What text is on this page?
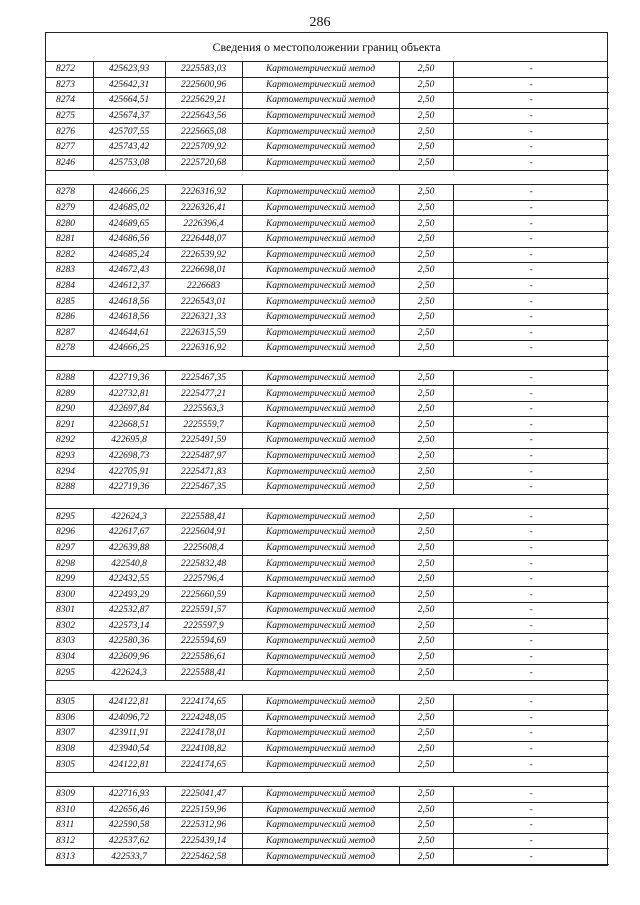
286
Сведения о местоположении границ объекта
8272	425623,93	2225583,03	Картометрический метод	2,50	-
8273	425642,31	2225600,96	Картометрический метод	2,50	-
8274	425664,51	2225629,21	Картометрический метод	2,50	-
8275	425674,37	2225643,56	Картометрический метод	2,50	-
8276	425707,55	2225665,08	Картометрический метод	2,50	-
8277	425743,42	2225709,92	Картометрический метод	2,50	-
8246	425753,08	2225720,68	Картометрический метод	2,50	-

8278	424666,25	2226316,92	Картометрический метод	2,50	-
8279	424685,02	2226326,41	Картометрический метод	2,50	-
8280	424689,65	2226396,4	Картометрический метод	2,50	-
8281	424686,56	2226448,07	Картометрический метод	2,50	-
8282	424685,24	2226539,92	Картометрический метод	2,50	-
8283	424672,43	2226698,01	Картометрический метод	2,50	-
8284	424612,37	2226683	Картометрический метод	2,50	-
8285	424618,56	2226543,01	Картометрический метод	2,50	-
8286	424618,56	2226321,33	Картометрический метод	2,50	-
8287	424644,61	2226315,59	Картометрический метод	2,50	-
8278	424666,25	2226316,92	Картометрический метод	2,50	-

8288	422719,36	2225467,35	Картометрический метод	2,50	-
8289	422732,81	2225477,21	Картометрический метод	2,50	-
8290	422697,84	2225563,3	Картометрический метод	2,50	-
8291	422668,51	2225559,7	Картометрический метод	2,50	-
8292	422695,8	2225491,59	Картометрический метод	2,50	-
8293	422698,73	2225487,97	Картометрический метод	2,50	-
8294	422705,91	2225471,83	Картометрический метод	2,50	-
8288	422719,36	2225467,35	Картометрический метод	2,50	-

8295	422624,3	2225588,41	Картометрический метод	2,50	-
8296	422617,67	2225604,91	Картометрический метод	2,50	-
8297	422639,88	2225608,4	Картометрический метод	2,50	-
8298	422540,8	2225832,48	Картометрический метод	2,50	-
8299	422432,55	2225796,4	Картометрический метод	2,50	-
8300	422493,29	2225660,59	Картометрический метод	2,50	-
8301	422532,87	2225591,57	Картометрический метод	2,50	-
8302	422573,14	2225597,9	Картометрический метод	2,50	-
8303	422580,36	2225594,69	Картометрический метод	2,50	-
8304	422609,96	2225586,61	Картометрический метод	2,50	-
8295	422624,3	2225588,41	Картометрический метод	2,50	-

8305	424122,81	2224174,65	Картометрический метод	2,50	-
8306	424096,72	2224248,05	Картометрический метод	2,50	-
8307	423911,91	2224178,01	Картометрический метод	2,50	-
8308	423940,54	2224108,82	Картометрический метод	2,50	-
8305	424122,81	2224174,65	Картометрический метод	2,50	-

8309	422716,93	2225041,47	Картометрический метод	2,50	-
8310	422656,46	2225159,96	Картометрический метод	2,50	-
8311	422590,58	2225312,96	Картометрический метод	2,50	-
8312	422537,62	2225439,14	Картометрический метод	2,50	-
8313	422533,7	2225462,58	Картометрический метод	2,50	-
